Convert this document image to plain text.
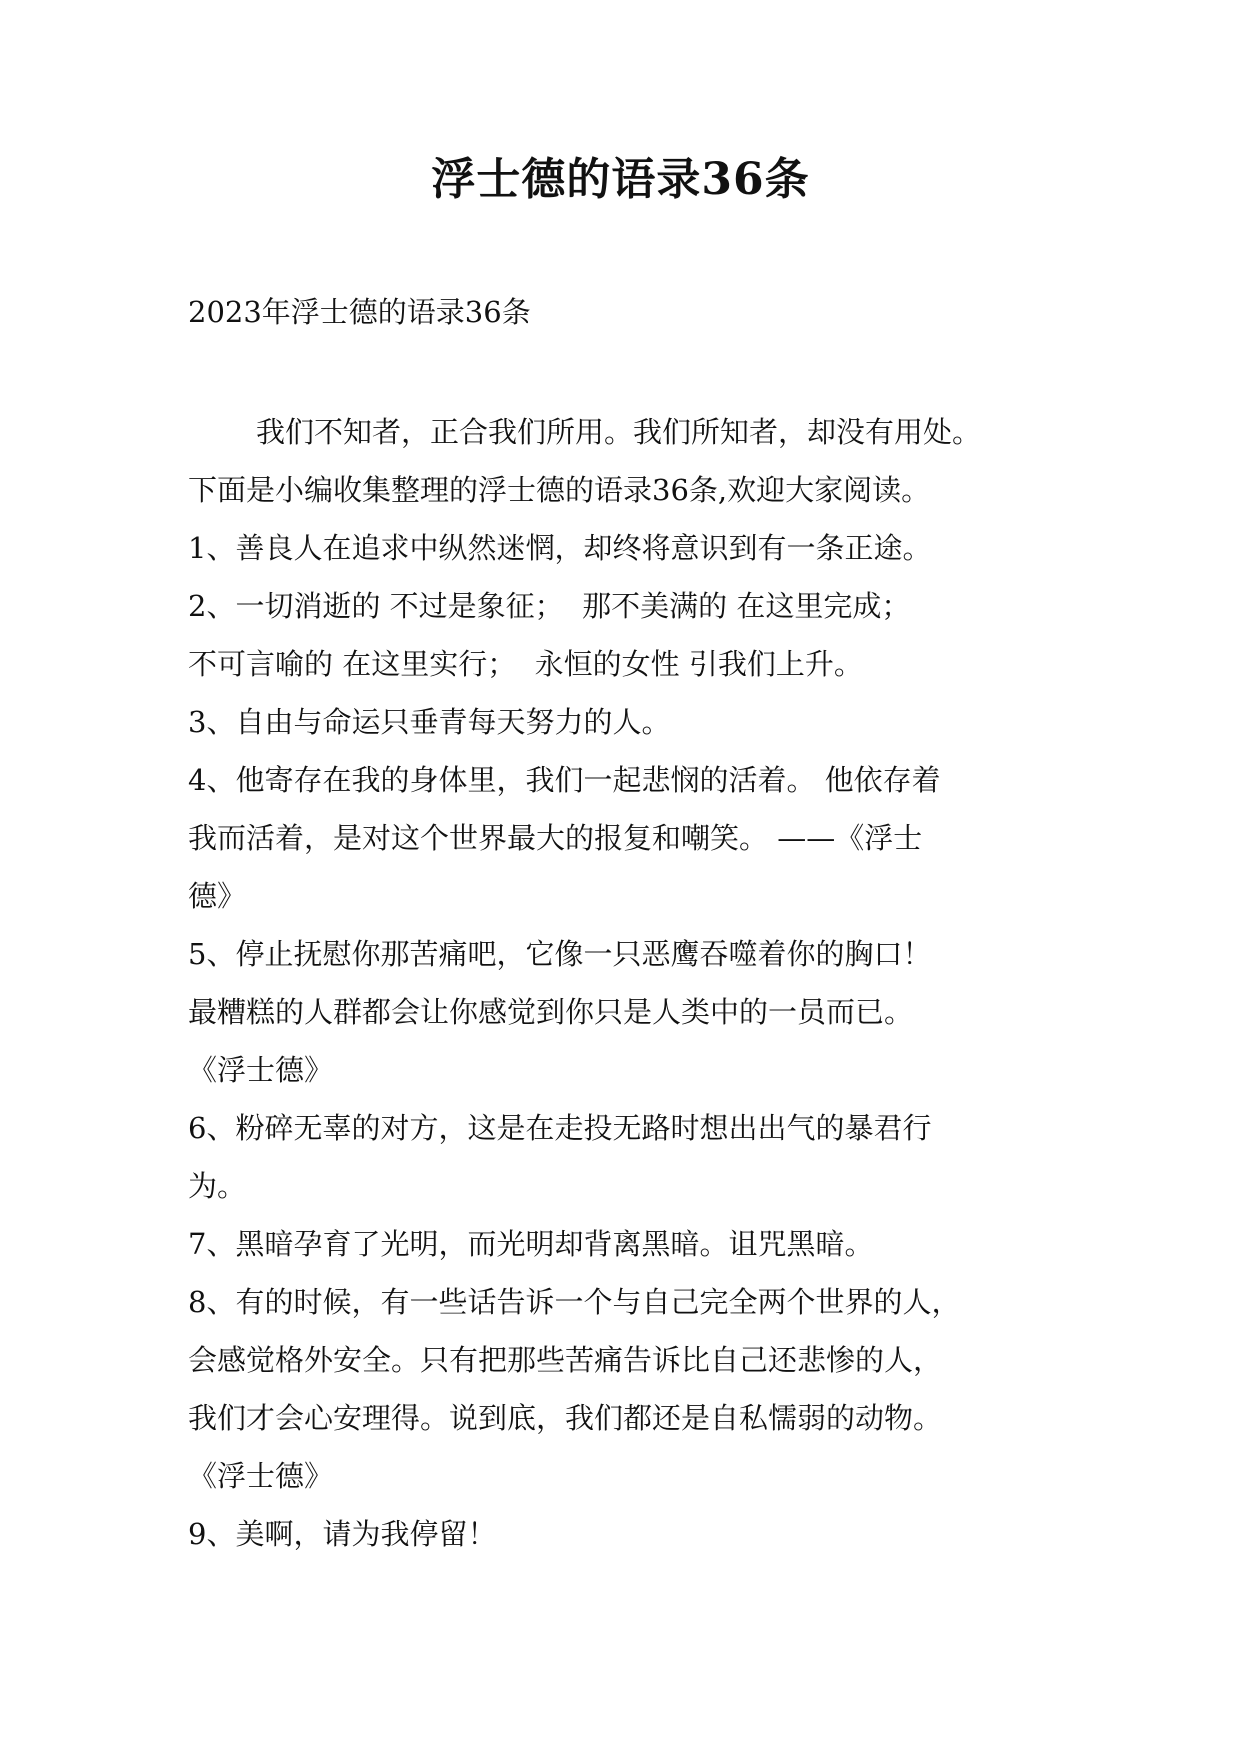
浮士德的语录36条
2023年浮士德的语录36条
我们不知者，正合我们所用。我们所知者，却没有用处。
下面是小编收集整理的浮士德的语录36条,欢迎大家阅读。
1、善良人在追求中纵然迷惘，却终将意识到有一条正途。
2、一切消逝的 不过是象征；  那不美满的 在这里完成；
不可言喻的 在这里实行；  永恒的女性 引我们上升。
3、自由与命运只垂青每天努力的人。
4、他寄存在我的身体里，我们一起悲悯的活着。 他依存着
我而活着，是对这个世界最大的报复和嘲笑。 ——《浮士
德》
5、停止抚慰你那苦痛吧，它像一只恶鹰吞噬着你的胸口！
最糟糕的人群都会让你感觉到你只是人类中的一员而已。
《浮士德》
6、粉碎无辜的对方，这是在走投无路时想出出气的暴君行
为。
7、黑暗孕育了光明，而光明却背离黑暗。诅咒黑暗。
8、有的时候，有一些话告诉一个与自己完全两个世界的人，
会感觉格外安全。只有把那些苦痛告诉比自己还悲惨的人，
我们才会心安理得。说到底，我们都还是自私懦弱的动物。
《浮士德》
9、美啊，请为我停留！
